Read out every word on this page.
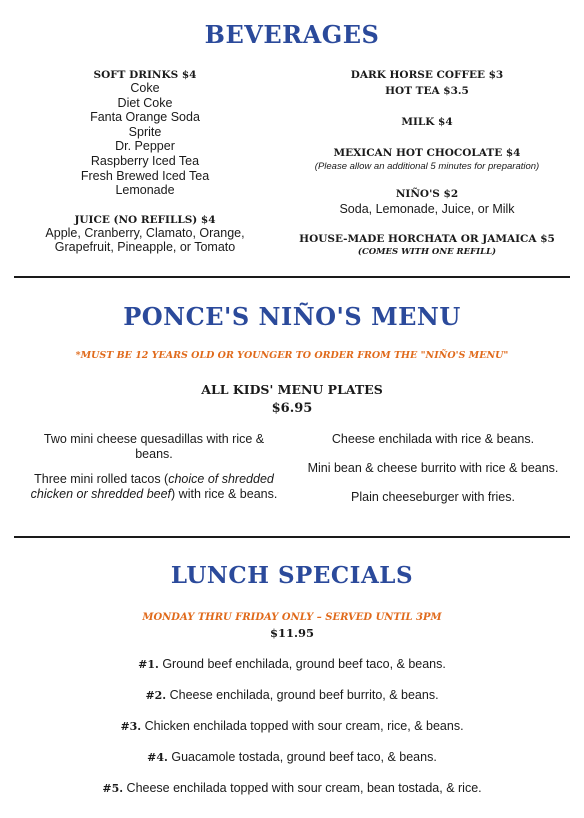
BEVERAGES
SOFT DRINKS $4
Coke
Diet Coke
Fanta Orange Soda
Sprite
Dr. Pepper
Raspberry Iced Tea
Fresh Brewed Iced Tea
Lemonade
JUICE (NO REFILLS) $4
Apple, Cranberry, Clamato, Orange,
Grapefruit, Pineapple, or Tomato
DARK HORSE COFFEE $3
HOT TEA $3.5
MILK $4
MEXICAN HOT CHOCOLATE $4
(Please allow an additional 5 minutes for preparation)
NIÑO'S $2
Soda, Lemonade, Juice, or Milk
HOUSE-MADE HORCHATA OR JAMAICA $5
(COMES WITH ONE REFILL)
PONCE'S NIÑO'S MENU
*MUST BE 12 YEARS OLD OR YOUNGER TO ORDER FROM THE "NIÑO'S MENU"
ALL KIDS' MENU PLATES
$6.95
Two mini cheese quesadillas with rice &
beans.
Three mini rolled tacos (choice of shredded
chicken or shredded beef) with rice & beans.
Cheese enchilada with rice & beans.
Mini bean & cheese burrito with rice & beans.
Plain cheeseburger with fries.
LUNCH SPECIALS
MONDAY THRU FRIDAY ONLY – SERVED UNTIL 3PM
$11.95
#1. Ground beef enchilada, ground beef taco, & beans.
#2. Cheese enchilada, ground beef burrito, & beans.
#3. Chicken enchilada topped with sour cream, rice, & beans.
#4. Guacamole tostada, ground beef taco, & beans.
#5. Cheese enchilada topped with sour cream, bean tostada, & rice.
